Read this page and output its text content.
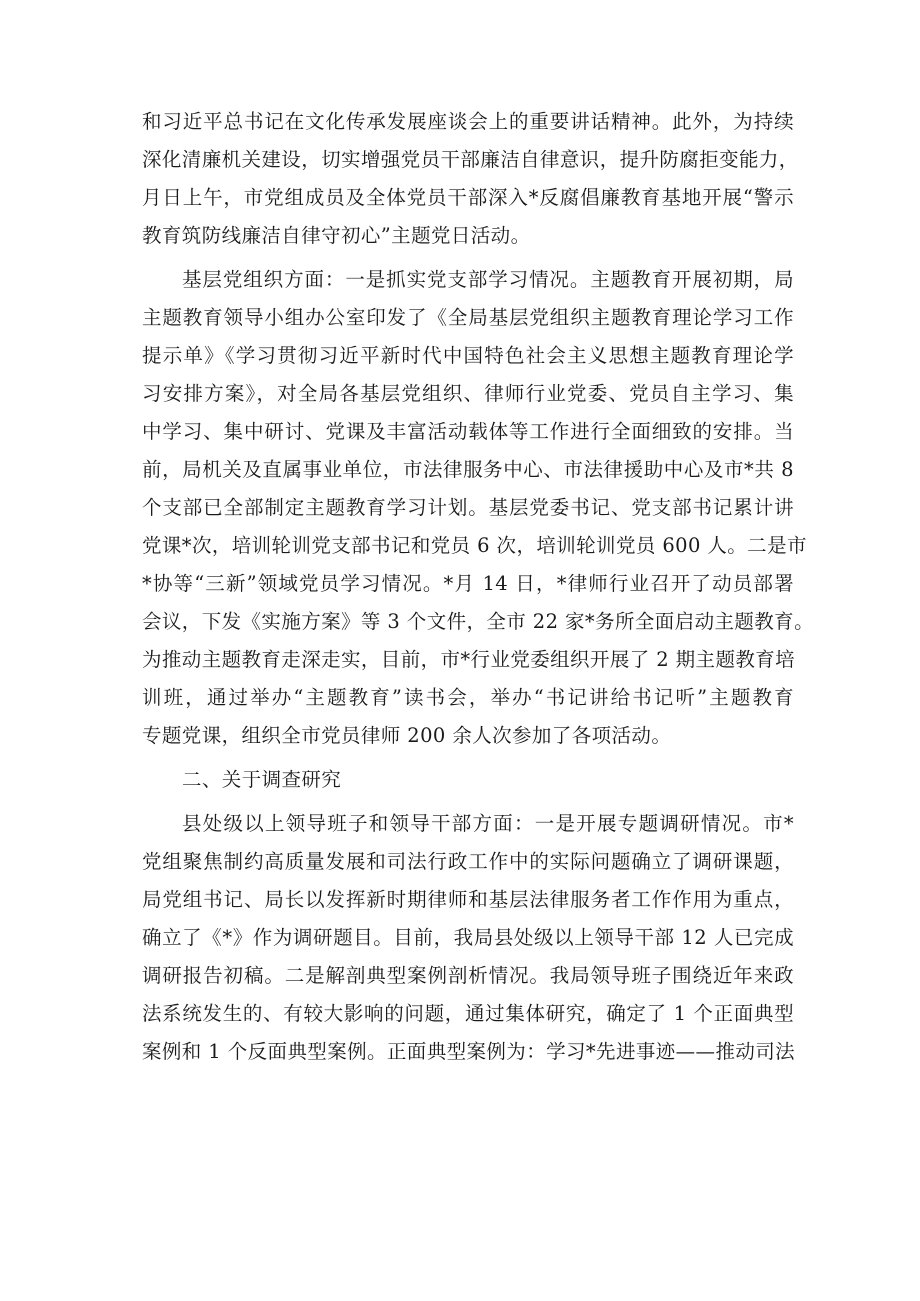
和习近平总书记在文化传承发展座谈会上的重要讲话精神。此外，为持续
深化清廉机关建设，切实增强党员干部廉洁自律意识，提升防腐拒变能力，
月日上午，市党组成员及全体党员干部深入*反腐倡廉教育基地开展“警示
教育筑防线廉洁自律守初心”主题党日活动。
基层党组织方面：一是抓实党支部学习情况。主题教育开展初期，局
主题教育领导小组办公室印发了《全局基层党组织主题教育理论学习工作
提示单》《学习贯彻习近平新时代中国特色社会主义思想主题教育理论学
习安排方案》，对全局各基层党组织、律师行业党委、党员自主学习、集
中学习、集中研讨、党课及丰富活动载体等工作进行全面细致的安排。当
前，局机关及直属事业单位，市法律服务中心、市法律援助中心及市*共 8
个支部已全部制定主题教育学习计划。基层党委书记、党支部书记累计讲
党课*次，培训轮训党支部书记和党员 6 次，培训轮训党员 600 人。二是市
*协等“三新”领域党员学习情况。*月 14 日，*律师行业召开了动员部署
会议，下发《实施方案》等 3 个文件，全市 22 家*务所全面启动主题教育。
为推动主题教育走深走实，目前，市*行业党委组织开展了 2 期主题教育培
训班，通过举办“主题教育”读书会，举办“书记讲给书记听”主题教育
专题党课，组织全市党员律师 200 余人次参加了各项活动。
二、关于调查研究
县处级以上领导班子和领导干部方面：一是开展专题调研情况。市*
党组聚焦制约高质量发展和司法行政工作中的实际问题确立了调研课题，
局党组书记、局长以发挥新时期律师和基层法律服务者工作作用为重点，
确立了《*》作为调研题目。目前，我局县处级以上领导干部 12 人已完成
调研报告初稿。二是解剖典型案例剖析情况。我局领导班子围绕近年来政
法系统发生的、有较大影响的问题，通过集体研究，确定了 1 个正面典型
案例和 1 个反面典型案例。正面典型案例为：学习*先进事迹——推动司法
